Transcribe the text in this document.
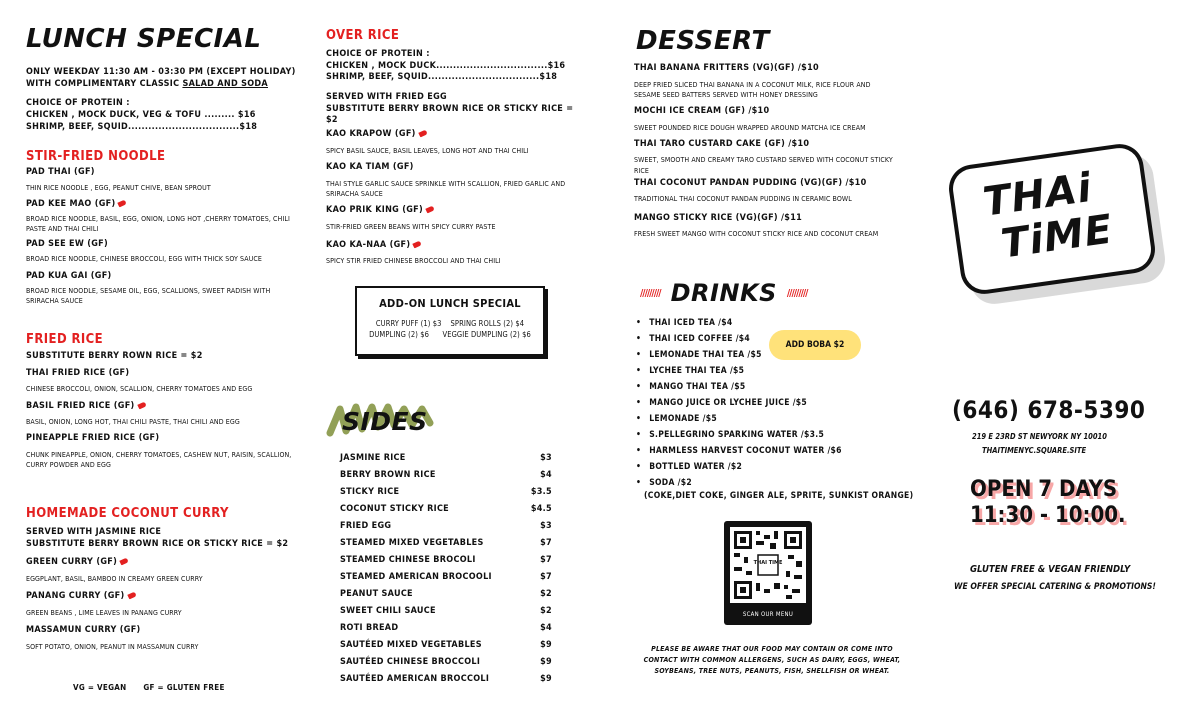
LUNCH SPECIAL

ONLY WEEKDAY 11:30 AM - 03:30 PM (EXCEPT HOLIDAY)

WITH COMPLIMENTARY CLASSIC SALAD AND SODA

CHOICE OF PROTEIN :

CHICKEN , MOCK DUCK, VEG & TOFU ......... $16

SHRIMP, BEEF, SQUID.................................$18

STIR-FRIED NOODLE

PAD THAI (GF)

THIN RICE NOODLE , EGG, PEANUT CHIVE, BEAN SPROUT

PAD KEE MAO (GF)

BROAD RICE NOODLE, BASIL, EGG, ONION, LONG HOT ,CHERRY TOMATOES, CHILI PASTE AND THAI CHILI

PAD SEE EW (GF)

BROAD RICE NOODLE, CHINESE BROCCOLI, EGG WITH THICK SOY SAUCE

PAD KUA GAI (GF)

BROAD RICE NOODLE, SESAME OIL, EGG, SCALLIONS, SWEET RADISH WITH SRIRACHA SAUCE

FRIED RICE

SUBSTITUTE BERRY ROWN RICE = $2

THAI FRIED RICE (GF)

CHINESE BROCCOLI, ONION, SCALLION, CHERRY TOMATOES AND EGG

BASIL FRIED RICE (GF)

BASIL, ONION, LONG HOT, THAI CHILI PASTE, THAI CHILI AND EGG

PINEAPPLE FRIED RICE (GF)

CHUNK PINEAPPLE, ONION, CHERRY TOMATOES, CASHEW NUT, RAISIN, SCALLION, CURRY POWDER AND EGG

HOMEMADE COCONUT CURRY

SERVED WITH JASMINE RICE

SUBSTITUTE BERRY BROWN RICE OR STICKY RICE = $2

GREEN CURRY (GF)

EGGPLANT, BASIL, BAMBOO IN CREAMY GREEN CURRY

PANANG CURRY (GF)

GREEN BEANS , LIME LEAVES IN PANANG CURRY

MASSAMUN CURRY (GF)

SOFT POTATO, ONION, PEANUT IN MASSAMUN CURRY

VG = VEGAN      GF = GLUTEN FREE

OVER RICE

CHOICE OF PROTEIN :

CHICKEN , MOCK DUCK.................................$16

SHRIMP, BEEF, SQUID.................................$18

SERVED WITH FRIED EGG

SUBSTITUTE BERRY BROWN RICE OR STICKY RICE = $2

KAO KRAPOW (GF)

SPICY BASIL SAUCE, BASIL LEAVES, LONG HOT AND THAI CHILI

KAO KA TIAM (GF)

THAI STYLE GARLIC SAUCE SPRINKLE WITH SCALLION, FRIED GARLIC AND SRIRACHA SAUCE

KAO PRIK KING (GF)

STIR-FRIED GREEN BEANS WITH SPICY CURRY PASTE

KAO KA-NAA (GF)

SPICY STIR FRIED CHINESE BROCCOLI AND THAI CHILI

ADD-ON LUNCH SPECIAL

CURRY PUFF (1) $3    SPRING ROLLS (2) $4

DUMPLING (2) $6      VEGGIE DUMPLING (2) $6

SIDES
JASMINE RICE	$3
BERRY BROWN RICE	$4
STICKY RICE	$3.5
COCONUT STICKY RICE	$4.5
FRIED EGG	$3
STEAMED MIXED VEGETABLES	$7
STEAMED CHINESE BROCOLI	$7
STEAMED AMERICAN BROCOOLI	$7
PEANUT SAUCE	$2
SWEET CHILI SAUCE	$2
ROTI BREAD	$4
SAUTÉED MIXED VEGETABLES	$9
SAUTÉED CHINESE BROCCOLI	$9
SAUTÉED AMERICAN BROCCOLI	$9
DESSERT

THAI BANANA FRITTERS (VG)(GF) /$10

DEEP FRIED SLICED THAI BANANA IN A COCONUT MILK, RICE FLOUR AND SESAME SEED BATTERS SERVED WITH HONEY DRESSING

MOCHI ICE CREAM (GF) /$10

SWEET POUNDED RICE DOUGH WRAPPED AROUND MATCHA ICE CREAM

THAI TARO CUSTARD CAKE (GF) /$10

SWEET, SMOOTH AND CREAMY TARO CUSTARD SERVED WITH COCONUT STICKY RICE

THAI COCONUT PANDAN PUDDING (VG)(GF) /$10

TRADITIONAL THAI COCONUT PANDAN PUDDING IN CERAMIC BOWL

MANGO STICKY RICE (VG)(GF) /$11

FRESH SWEET MANGO WITH COCONUT STICKY RICE AND COCONUT CREAM

///////// DRINKS /////////
• THAI ICED TEA /$4
• THAI ICED COFFEE /$4
• LEMONADE THAI TEA /$5
• LYCHEE THAI TEA /$5
• MANGO THAI TEA /$5
• MANGO JUICE OR LYCHEE JUICE /$5
• LEMONADE /$5
• S.PELLEGRINO SPARKING WATER /$3.5
• HARMLESS HARVEST COCONUT WATER /$6
• BOTTLED WATER /$2
• SODA /$2

(COKE,DIET COKE, GINGER ALE, SPRITE, SUNKIST ORANGE)

ADD BOBA $2
THAI TIME

SCAN OUR MENU

PLEASE BE AWARE THAT OUR FOOD MAY CONTAIN OR COME INTO CONTACT WITH COMMON ALLERGENS, SUCH AS DAIRY, EGGS, WHEAT, SOYBEANS, TREE NUTS, PEANUTS, FISH, SHELLFISH OR WHEAT.

THAi
TiME

(646) 678-5390

219 E 23RD ST NEWYORK NY 10010

THAITIMENYC.SQUARE.SITE

OPEN 7 DAYS

11:30 - 10:00.

GLUTEN FREE & VEGAN FRIENDLY

WE OFFER SPECIAL CATERING & PROMOTIONS!
